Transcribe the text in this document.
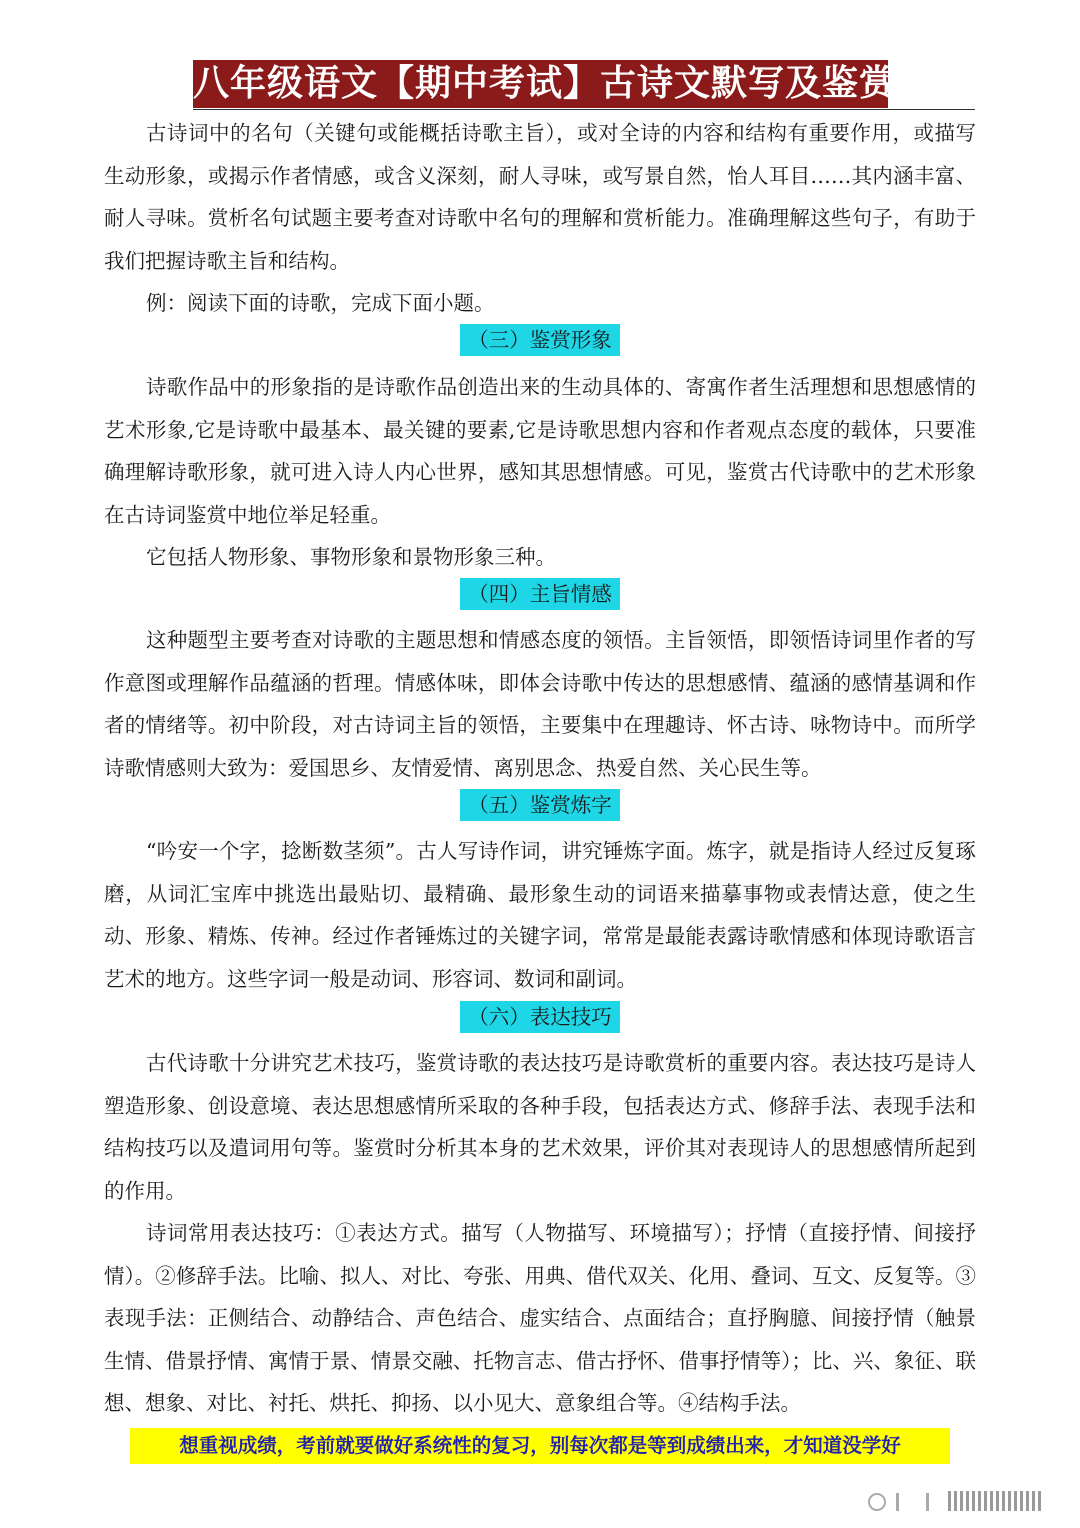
八年级语文【期中考试】古诗文默写及鉴赏

古诗词中的名句（关键句或能概括诗歌主旨），或对全诗的内容和结构有重要作用，或描写生动形象，或揭示作者情感，或含义深刻，耐人寻味，或写景自然，怡人耳目……其内涵丰富、耐人寻味。赏析名句试题主要考查对诗歌中名句的理解和赏析能力。准确理解这些句子，有助于我们把握诗歌主旨和结构。

例：阅读下面的诗歌，完成下面小题。

（三）鉴赏形象

诗歌作品中的形象指的是诗歌作品创造出来的生动具体的、寄寓作者生活理想和思想感情的艺术形象,它是诗歌中最基本、最关键的要素,它是诗歌思想内容和作者观点态度的载体，只要准确理解诗歌形象，就可进入诗人内心世界，感知其思想情感。可见，鉴赏古代诗歌中的艺术形象在古诗词鉴赏中地位举足轻重。

它包括人物形象、事物形象和景物形象三种。

（四）主旨情感

这种题型主要考查对诗歌的主题思想和情感态度的领悟。主旨领悟，即领悟诗词里作者的写作意图或理解作品蕴涵的哲理。情感体味，即体会诗歌中传达的思想感情、蕴涵的感情基调和作者的情绪等。初中阶段，对古诗词主旨的领悟，主要集中在理趣诗、怀古诗、咏物诗中。而所学诗歌情感则大致为：爱国思乡、友情爱情、离别思念、热爱自然、关心民生等。

（五）鉴赏炼字

“吟安一个字，捻断数茎须”。古人写诗作词，讲究锤炼字面。炼字，就是指诗人经过反复琢磨，从词汇宝库中挑选出最贴切、最精确、最形象生动的词语来描摹事物或表情达意，使之生动、形象、精炼、传神。经过作者锤炼过的关键字词，常常是最能表露诗歌情感和体现诗歌语言艺术的地方。这些字词一般是动词、形容词、数词和副词。

（六）表达技巧

古代诗歌十分讲究艺术技巧，鉴赏诗歌的表达技巧是诗歌赏析的重要内容。表达技巧是诗人塑造形象、创设意境、表达思想感情所采取的各种手段，包括表达方式、修辞手法、表现手法和结构技巧以及遣词用句等。鉴赏时分析其本身的艺术效果，评价其对表现诗人的思想感情所起到的作用。

诗词常用表达技巧：①表达方式。描写（人物描写、环境描写）；抒情（直接抒情、间接抒情）。②修辞手法。比喻、拟人、对比、夸张、用典、借代双关、化用、叠词、互文、反复等。③表现手法：正侧结合、动静结合、声色结合、虚实结合、点面结合；直抒胸臆、间接抒情（触景生情、借景抒情、寓情于景、情景交融、托物言志、借古抒怀、借事抒情等）；比、兴、象征、联想、想象、对比、衬托、烘托、抑扬、以小见大、意象组合等。④结构手法。

想重视成绩，考前就要做好系统性的复习，别每次都是等到成绩出来，才知道没学好
